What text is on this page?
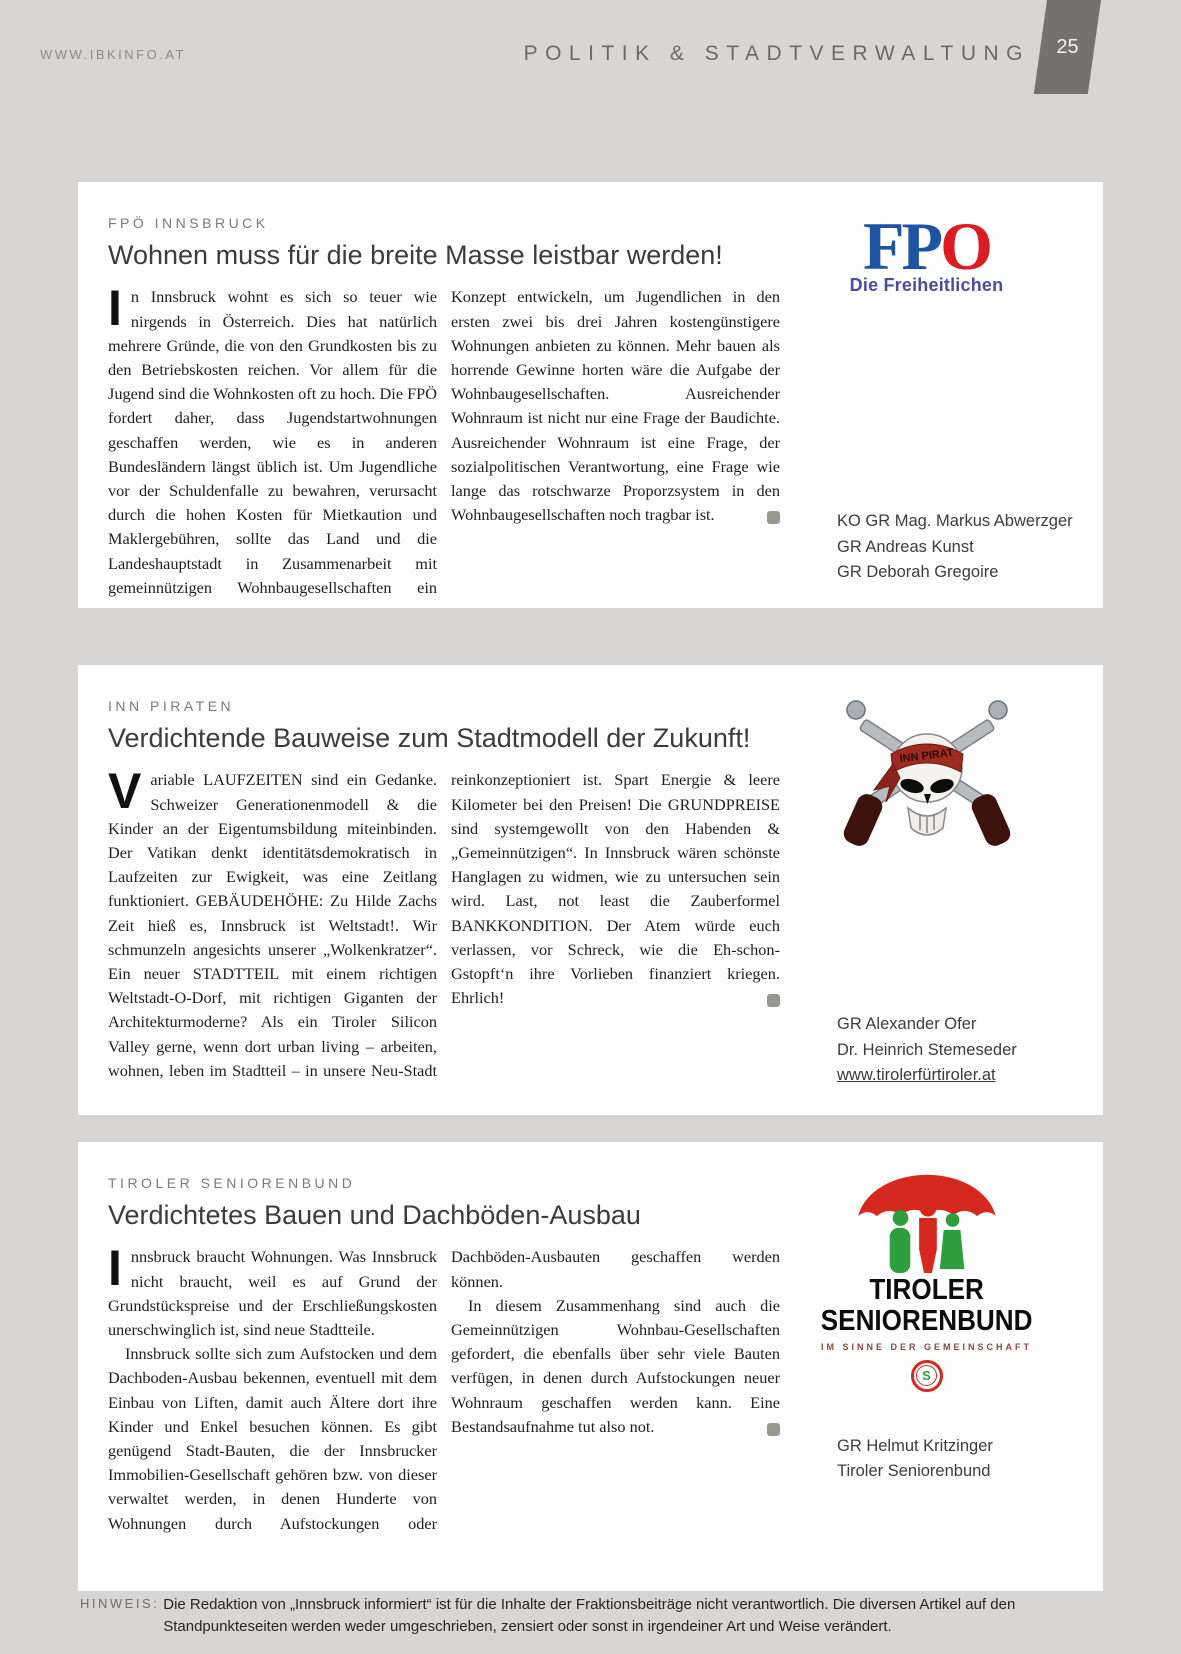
WWW.IBKINFO.AT	POLITIK & STADTVERWALTUNG 25
FPÖ INNSBRUCK
Wohnen muss für die breite Masse leistbar werden!

In Innsbruck wohnt es sich so teuer wie nirgends in Österreich. Dies hat natürlich mehrere Gründe, die von den Grundkosten bis zu den Betriebskosten reichen. Vor allem für die Jugend sind die Wohnkosten oft zu hoch. Die FPÖ fordert daher, dass Jugendstartwohnungen geschaffen werden, wie es in anderen Bundesländern längst üblich ist. Um Jugendliche vor der Schuldenfalle zu bewahren, verursacht durch die hohen Kosten für Mietkaution und Maklergebühren, sollte das Land und die Landeshauptstadt in Zusammenarbeit mit gemeinnützigen Wohnbaugesellschaften ein Konzept entwickeln, um Jugendlichen in den ersten zwei bis drei Jahren kostengünstigere Wohnungen anbieten zu können. Mehr bauen als horrende Gewinne horten wäre die Aufgabe der Wohnbaugesellschaften. Ausreichender Wohnraum ist nicht nur eine Frage der Baudichte. Ausreichender Wohnraum ist eine Frage, der sozialpolitischen Verantwortung, eine Frage wie lange das rotschwarze Proporzsystem in den Wohnbaugesellschaften noch tragbar ist.

FPO
Die Freiheitlichen
KO GR Mag. Markus Abwerzger
GR Andreas Kunst
GR Deborah Gregoire
INN PIRATEN
Verdichtende Bauweise zum Stadtmodell der Zukunft!

Variable LAUFZEITEN sind ein Gedanke. Schweizer Generationenmodell & die Kinder an der Eigentumsbildung miteinbinden. Der Vatikan denkt identitätsdemokratisch in Laufzeiten zur Ewigkeit, was eine Zeitlang funktioniert. GEBÄUDEHÖHE: Zu Hilde Zachs Zeit hieß es, Innsbruck ist Weltstadt!. Wir schmunzeln angesichts unserer „Wolkenkratzer“. Ein neuer STADTTEIL mit einem richtigen Weltstadt-O-Dorf, mit richtigen Giganten der Architekturmoderne? Als ein Tiroler Silicon Valley gerne, wenn dort urban living – arbeiten, wohnen, leben im Stadtteil – in unsere Neu-Stadt reinkonzeptioniert ist. Spart Energie & leere Kilometer bei den Preisen! Die GRUNDPREISE sind systemgewollt von den Habenden & „Gemeinnützigen“. In Innsbruck wären schönste Hanglagen zu widmen, wie zu untersuchen sein wird. Last, not least die Zauberformel BANKKONDITION. Der Atem würde euch verlassen, vor Schreck, wie die Eh-schon-Gstopft‘n ihre Vorlieben finanziert kriegen. Ehrlich!

INN PIRAT
GR Alexander Ofer
Dr. Heinrich Stemeseder
www.tirolerfürtiroler.at
TIROLER SENIORENBUND
Verdichtetes Bauen und Dachböden-Ausbau

Innsbruck braucht Wohnungen. Was Innsbruck nicht braucht, weil es auf Grund der Grundstückspreise und der Erschließungskosten unerschwinglich ist, sind neue Stadtteile.

Innsbruck sollte sich zum Aufstocken und dem Dachboden-Ausbau bekennen, eventuell mit dem Einbau von Liften, damit auch Ältere dort ihre Kinder und Enkel besuchen können. Es gibt genügend Stadt-Bauten, die der Innsbrucker Immobilien-Gesellschaft gehören bzw. von dieser verwaltet werden, in denen Hunderte von Wohnungen durch Aufstockungen oder Dachböden-Ausbauten geschaffen werden können.

In diesem Zusammenhang sind auch die Gemeinnützigen Wohnbau-Gesellschaften gefordert, die ebenfalls über sehr viele Bauten verfügen, in denen durch Aufstockungen neuer Wohnraum geschaffen werden kann. Eine Bestandsaufnahme tut also not.

TIROLER
SENIORENBUND
IM SINNE DER GEMEINSCHAFT
S
GR Helmut Kritzinger
Tiroler Seniorenbund
HINWEIS: Die Redaktion von „Innsbruck informiert“ ist für die Inhalte der Fraktionsbeiträge nicht verantwortlich. Die diversen Artikel auf den Standpunkteseiten werden weder umgeschrieben, zensiert oder sonst in irgendeiner Art und Weise verändert.
